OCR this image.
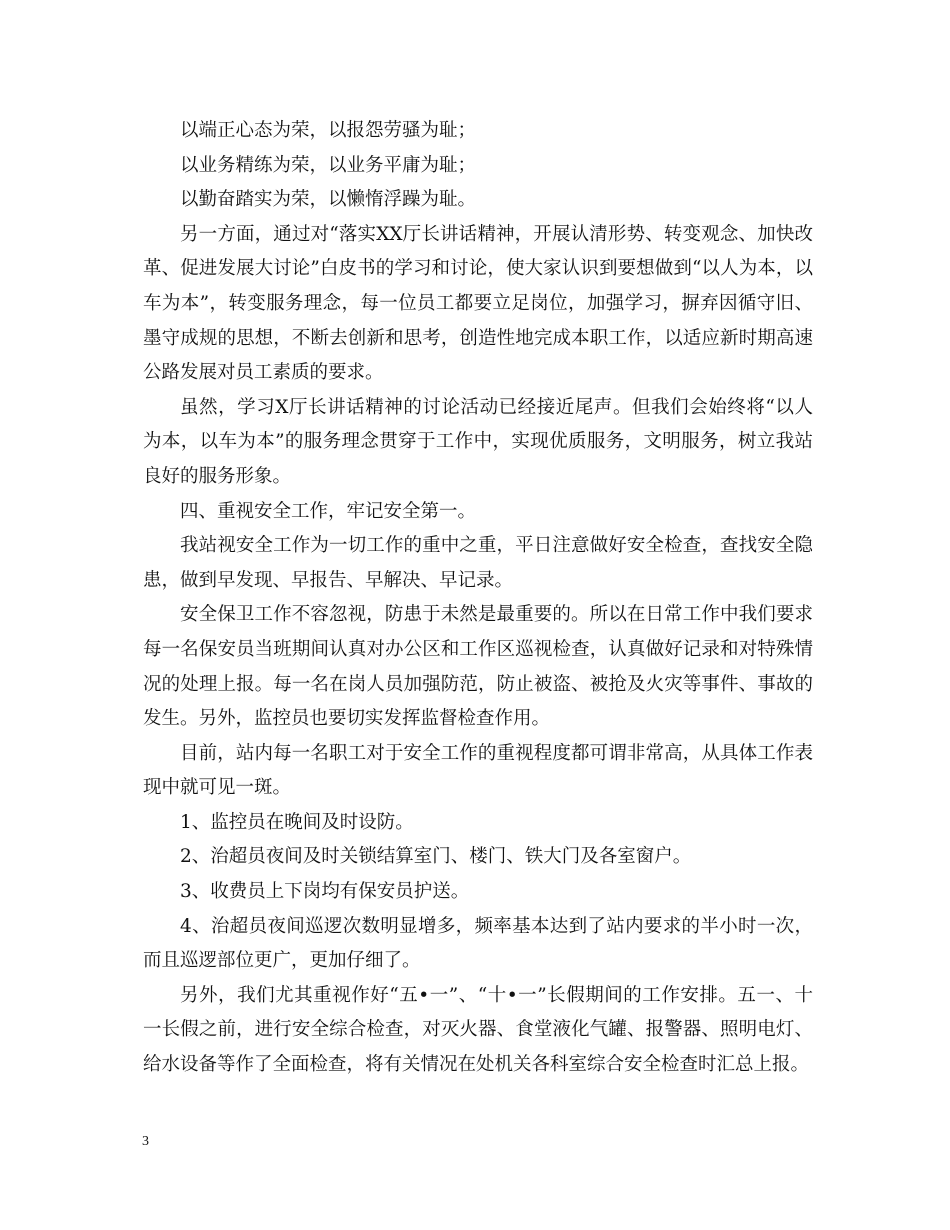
以端正心态为荣，以报怨劳骚为耻；

以业务精练为荣，以业务平庸为耻；

以勤奋踏实为荣，以懒惰浮躁为耻。

另一方面，通过对“落实XX厅长讲话精神，开展认清形势、转变观念、加快改革、促进发展大讨论”白皮书的学习和讨论，使大家认识到要想做到“以人为本，以车为本”，转变服务理念，每一位员工都要立足岗位，加强学习，摒弃因循守旧、墨守成规的思想，不断去创新和思考，创造性地完成本职工作，以适应新时期高速公路发展对员工素质的要求。

虽然，学习X厅长讲话精神的讨论活动已经接近尾声。但我们会始终将“以人为本，以车为本”的服务理念贯穿于工作中，实现优质服务，文明服务，树立我站良好的服务形象。

四、重视安全工作，牢记安全第一。

我站视安全工作为一切工作的重中之重，平日注意做好安全检查，查找安全隐患，做到早发现、早报告、早解决、早记录。

安全保卫工作不容忽视，防患于未然是最重要的。所以在日常工作中我们要求每一名保安员当班期间认真对办公区和工作区巡视检查，认真做好记录和对特殊情况的处理上报。每一名在岗人员加强防范，防止被盗、被抢及火灾等事件、事故的发生。另外，监控员也要切实发挥监督检查作用。

目前，站内每一名职工对于安全工作的重视程度都可谓非常高，从具体工作表现中就可见一斑。

1、监控员在晚间及时设防。

2、治超员夜间及时关锁结算室门、楼门、铁大门及各室窗户。

3、收费员上下岗均有保安员护送。

4、治超员夜间巡逻次数明显增多，频率基本达到了站内要求的半小时一次，而且巡逻部位更广，更加仔细了。

另外，我们尤其重视作好“五•一”、“十•一”长假期间的工作安排。五一、十一长假之前，进行安全综合检查，对灭火器、食堂液化气罐、报警器、照明电灯、给水设备等作了全面检查，将有关情况在处机关各科室综合安全检查时汇总上报。

3
